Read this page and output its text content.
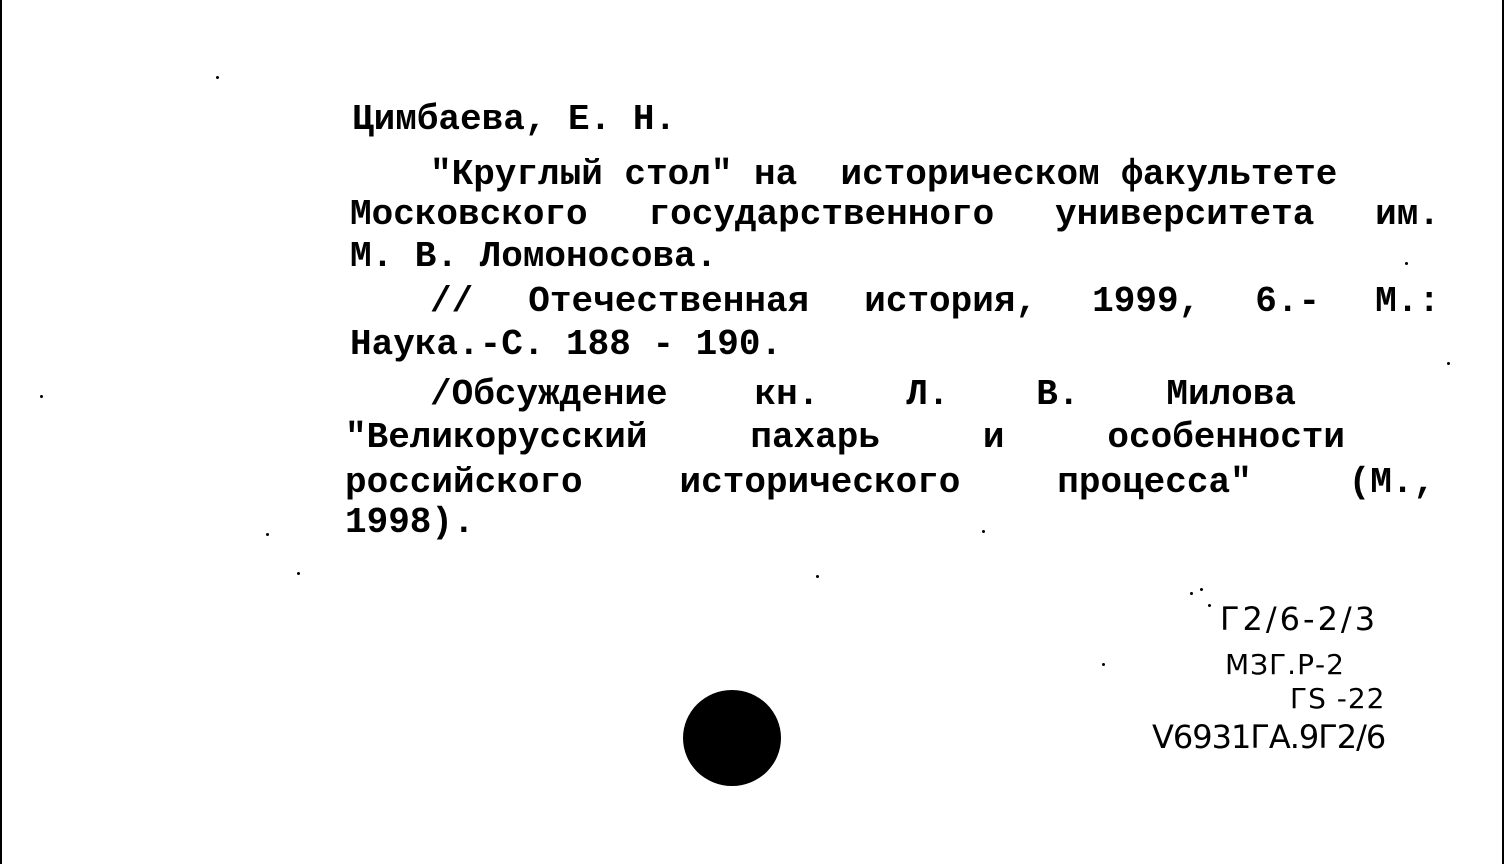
Цимбаева, Е. Н.
"Круглый стол" на  историческом факультете
Московского государственного университета им.
М. В. Ломоносова.
// Отечественная история, 1999, 6.- М.:
Наука.-С. 188 - 190.
/Обсуждение кн. Л. В. Милова
"Великорусский пахарь и особенности
российского исторического процесса" (М.,
1998).
Г2/6-2/3
МЗГ.Р-2
ГS -22
V6931ГА.9Г2/6
